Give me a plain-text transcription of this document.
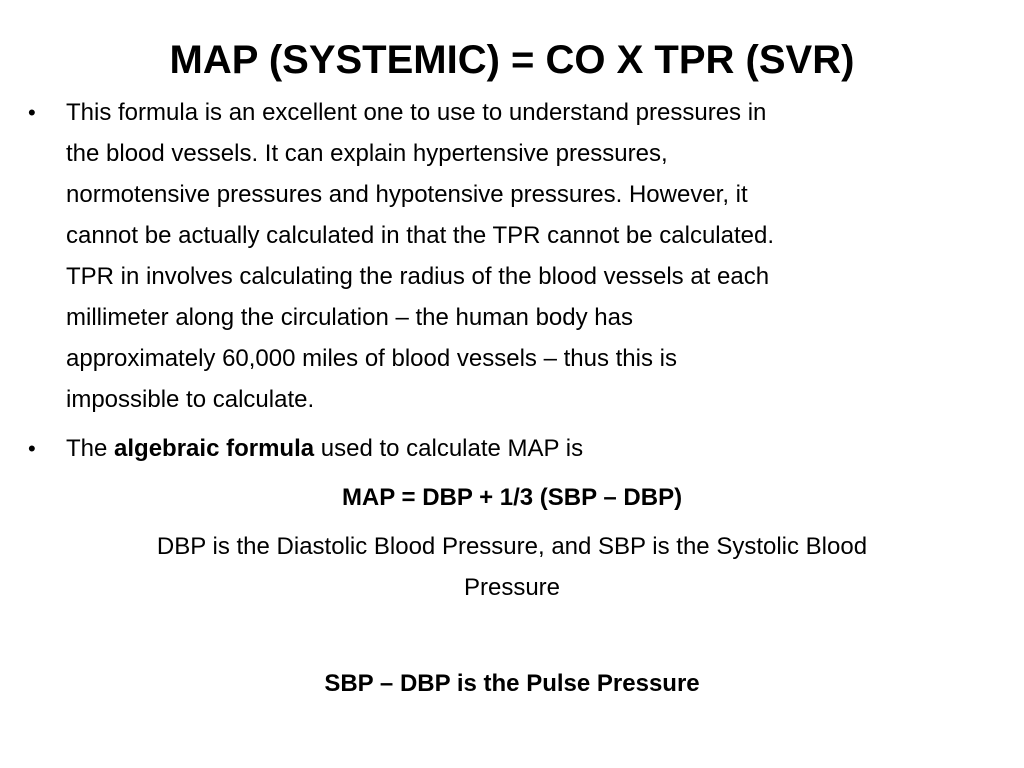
MAP (SYSTEMIC) = CO X TPR (SVR)
•	This formula is an excellent one to use to understand pressures in
the blood vessels. It can explain hypertensive pressures,
normotensive pressures and hypotensive pressures. However, it
cannot be actually calculated in that the TPR cannot be calculated.
TPR in involves calculating the radius of the blood vessels at each
millimeter along the circulation – the human body has
approximately 60,000 miles of blood vessels – thus this is
impossible to calculate.
•	The algebraic formula used to calculate MAP is
MAP = DBP + 1/3 (SBP – DBP)
DBP is the Diastolic Blood Pressure, and SBP is the Systolic Blood
Pressure
SBP – DBP is the Pulse Pressure
